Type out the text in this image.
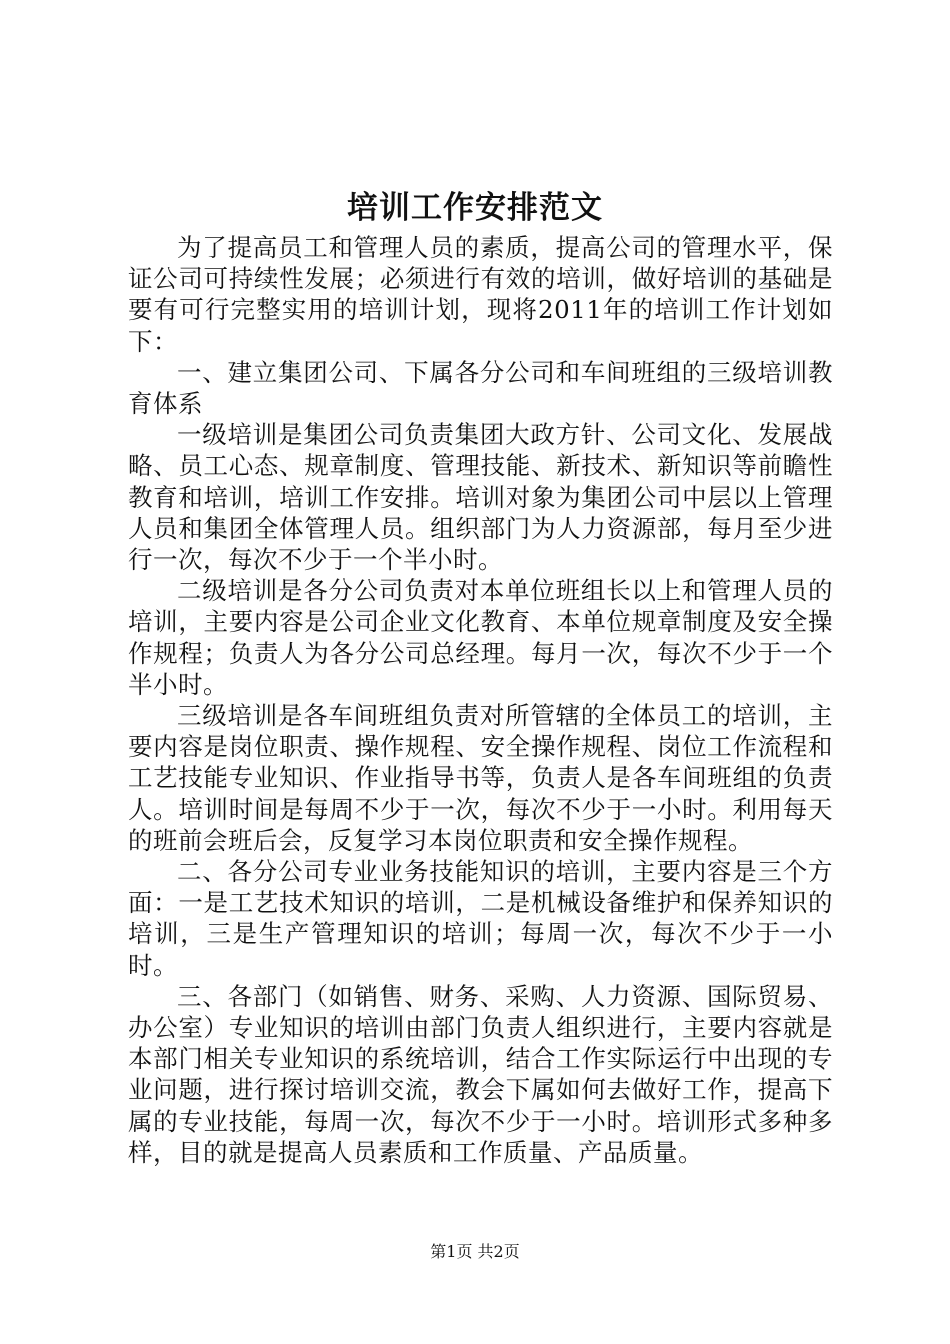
培训工作安排范文

为了提高员工和管理人员的素质，提高公司的管理水平，保证公司可持续性发展；必须进行有效的培训，做好培训的基础是要有可行完整实用的培训计划，现将2011年的培训工作计划如下：

一、建立集团公司、下属各分公司和车间班组的三级培训教育体系

一级培训是集团公司负责集团大政方针、公司文化、发展战略、员工心态、规章制度、管理技能、新技术、新知识等前瞻性教育和培训，培训工作安排。培训对象为集团公司中层以上管理人员和集团全体管理人员。组织部门为人力资源部，每月至少进行一次，每次不少于一个半小时。

二级培训是各分公司负责对本单位班组长以上和管理人员的培训，主要内容是公司企业文化教育、本单位规章制度及安全操作规程；负责人为各分公司总经理。每月一次，每次不少于一个半小时。

三级培训是各车间班组负责对所管辖的全体员工的培训，主要内容是岗位职责、操作规程、安全操作规程、岗位工作流程和工艺技能专业知识、作业指导书等，负责人是各车间班组的负责人。培训时间是每周不少于一次，每次不少于一小时。利用每天的班前会班后会，反复学习本岗位职责和安全操作规程。

二、各分公司专业业务技能知识的培训，主要内容是三个方面：一是工艺技术知识的培训，二是机械设备维护和保养知识的培训，三是生产管理知识的培训；每周一次，每次不少于一小时。

三、各部门（如销售、财务、采购、人力资源、国际贸易、办公室）专业知识的培训由部门负责人组织进行，主要内容就是本部门相关专业知识的系统培训，结合工作实际运行中出现的专业问题，进行探讨培训交流，教会下属如何去做好工作，提高下属的专业技能，每周一次，每次不少于一小时。培训形式多种多样，目的就是提高人员素质和工作质量、产品质量。

第1页 共2页
